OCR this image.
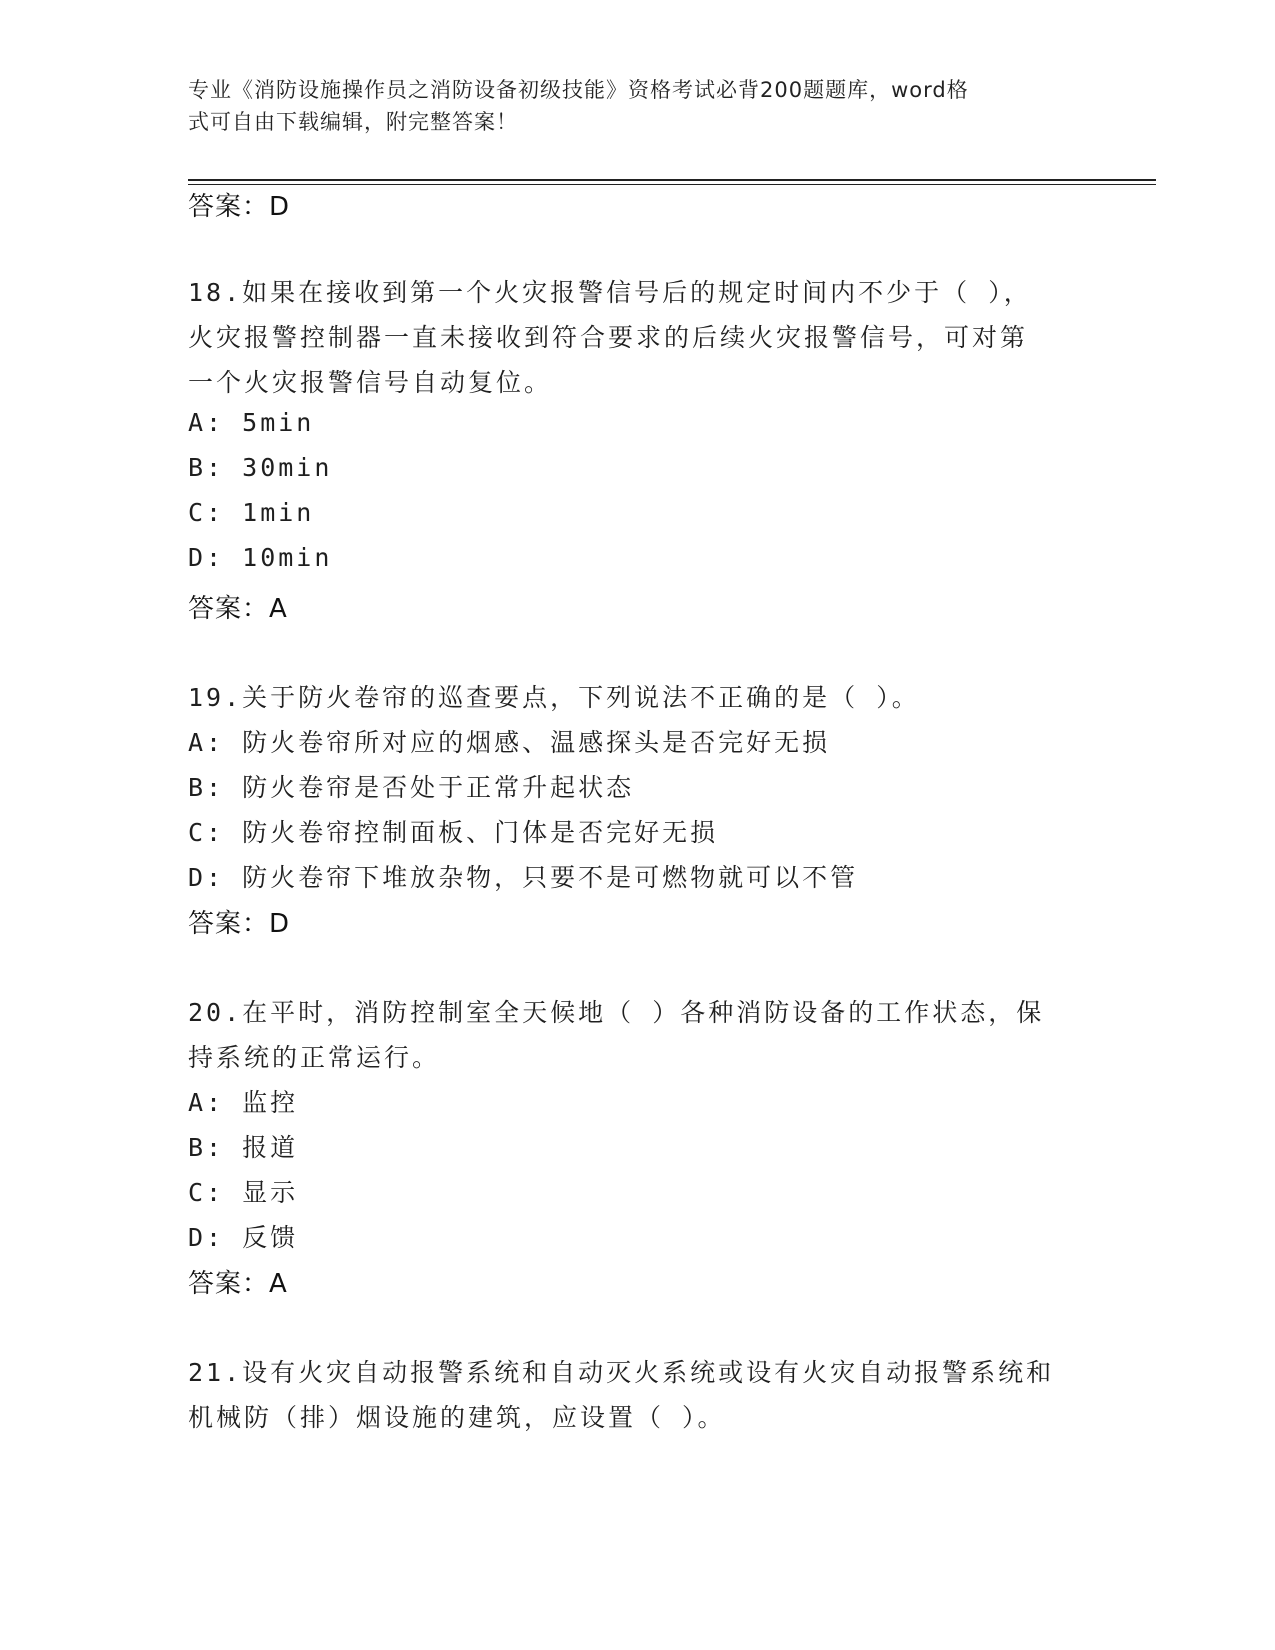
专业《消防设施操作员之消防设备初级技能》资格考试必背200题题库，word格
式可自由下载编辑，附完整答案！
答案：D
18.如果在接收到第一个火灾报警信号后的规定时间内不少于（ ），
火灾报警控制器一直未接收到符合要求的后续火灾报警信号，可对第
一个火灾报警信号自动复位。
A: 5min
B: 30min
C: 1min
D: 10min
答案：A
19.关于防火卷帘的巡查要点，下列说法不正确的是（ ）。
A: 防火卷帘所对应的烟感、温感探头是否完好无损
B: 防火卷帘是否处于正常升起状态
C: 防火卷帘控制面板、门体是否完好无损
D: 防火卷帘下堆放杂物，只要不是可燃物就可以不管
答案：D
20.在平时，消防控制室全天候地（ ）各种消防设备的工作状态，保
持系统的正常运行。
A: 监控
B: 报道
C: 显示
D: 反馈
答案：A
21.设有火灾自动报警系统和自动灭火系统或设有火灾自动报警系统和
机械防（排）烟设施的建筑，应设置（ ）。
